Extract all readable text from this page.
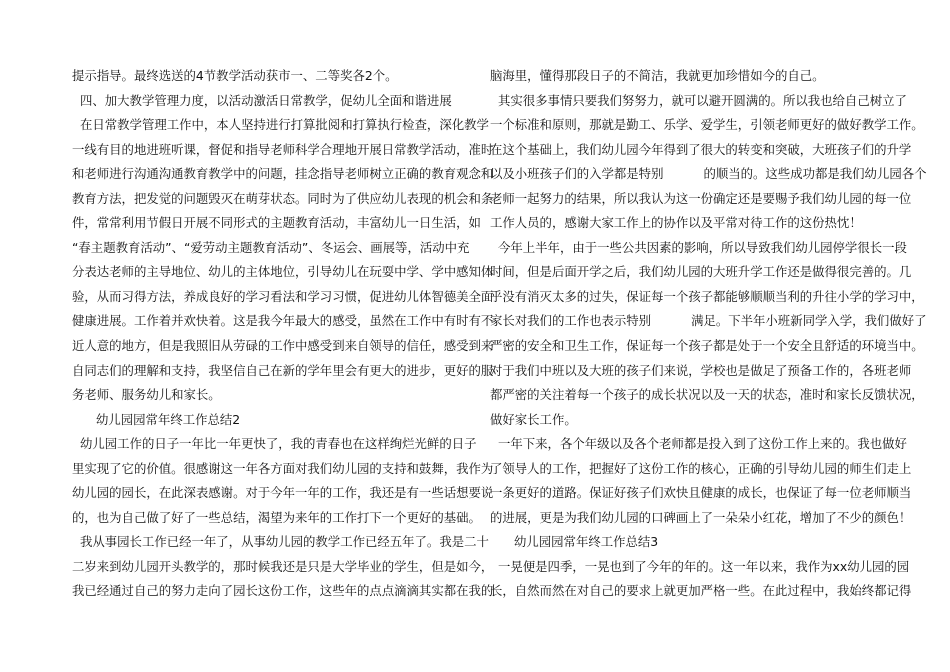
提示指导。最终选送的4节教学活动获市一、二等奖各2个。
四、加大教学管理力度，以活动激活日常教学，促幼儿全面和谐进展
在日常教学管理工作中，本人坚持进行打算批阅和打算执行检查，深化教学
一线有目的地进班听课，督促和指导老师科学合理地开展日常教学活动，准时
和老师进行沟通沟通教育教学中的问题，挂念指导老师树立正确的教育观念和
教育方法，把发觉的问题毁灭在萌芽状态。同时为了供应幼儿表现的机会和条
件，常常利用节假日开展不同形式的主题教育活动，丰富幼儿一日生活，如
“春主题教育活动”、“爱劳动主题教育活动”、冬运会、画展等，活动中充
分表达老师的主导地位、幼儿的主体地位，引导幼儿在玩耍中学、学中感知体
验，从而习得方法，养成良好的学习看法和学习习惯，促进幼儿体智德美全面
健康进展。工作着并欢快着。这是我今年最大的感受，虽然在工作中有时有不
近人意的地方，但是我照旧从劳碌的工作中感受到来自领导的信任，感受到来
自同志们的理解和支持，我坚信自己在新的学年里会有更大的进步，更好的服
务老师、服务幼儿和家长。
幼儿园园常年终工作总结2
幼儿园工作的日子一年比一年更快了，我的青春也在这样绚烂光鲜的日子
里实现了它的价值。很感谢这一年各方面对我们幼儿园的支持和鼓舞，我作为
幼儿园的园长，在此深表感谢。对于今年一年的工作，我还是有一些话想要说
的，也为自己做了好了一些总结，渴望为来年的工作打下一个更好的基础。
我从事园长工作已经一年了，从事幼儿园的教学工作已经五年了。我是二十
二岁来到幼儿园开头教学的，那时候我还是只是大学毕业的学生，但是如今，
我已经通过自己的努力走向了园长这份工作，这些年的点点滴滴其实都在我的
脑海里，懂得那段日子的不简洁，我就更加珍惜如今的自己。
其实很多事情只要我们努努力，就可以避开圆满的。所以我也给自己树立了
一个标准和原则，那就是勤工、乐学、爱学生，引领老师更好的做好教学工作。
在这个基础上，我们幼儿园今年得到了很大的转变和突破，大班孩子们的升学
以及小班孩子们的入学都是特别	的顺当的。这些成功都是我们幼儿园各个
老师一起努力的结果，所以我认为这一份确定还是要赐予我们幼儿园的每一位
工作人员的，感谢大家工作上的协作以及平常对待工作的这份热忱！
今年上半年，由于一些公共因素的影响，所以导致我们幼儿园停学很长一段
时间，但是后面开学之后，我们幼儿园的大班升学工作还是做得很完善的。几
乎没有消灭太多的过失，保证每一个孩子都能够顺顺当利的升往小学的学习中，
家长对我们的工作也表示特别	满足。下半年小班新同学入学，我们做好了
严密的安全和卫生工作，保证每一个孩子都是处于一个安全且舒适的环境当中。
对于我们中班以及大班的孩子们来说，学校也是做足了预备工作的，各班老师
都严密的关注着每一个孩子的成长状况以及一天的状态，准时和家长反馈状况，
做好家长工作。
一年下来，各个年级以及各个老师都是投入到了这份工作上来的。我也做好
了领导人的工作，把握好了这份工作的核心，正确的引导幼儿园的师生们走上
一条更好的道路。保证好孩子们欢快且健康的成长，也保证了每一位老师顺当
的进展，更是为我们幼儿园的口碑画上了一朵朵小红花，增加了不少的颜色！
幼儿园园常年终工作总结3
一晃便是四季，一晃也到了今年的年的。这一年以来，我作为xx幼儿园的园
长，自然而然在对自己的要求上就更加严格一些。在此过程中，我始终都记得
